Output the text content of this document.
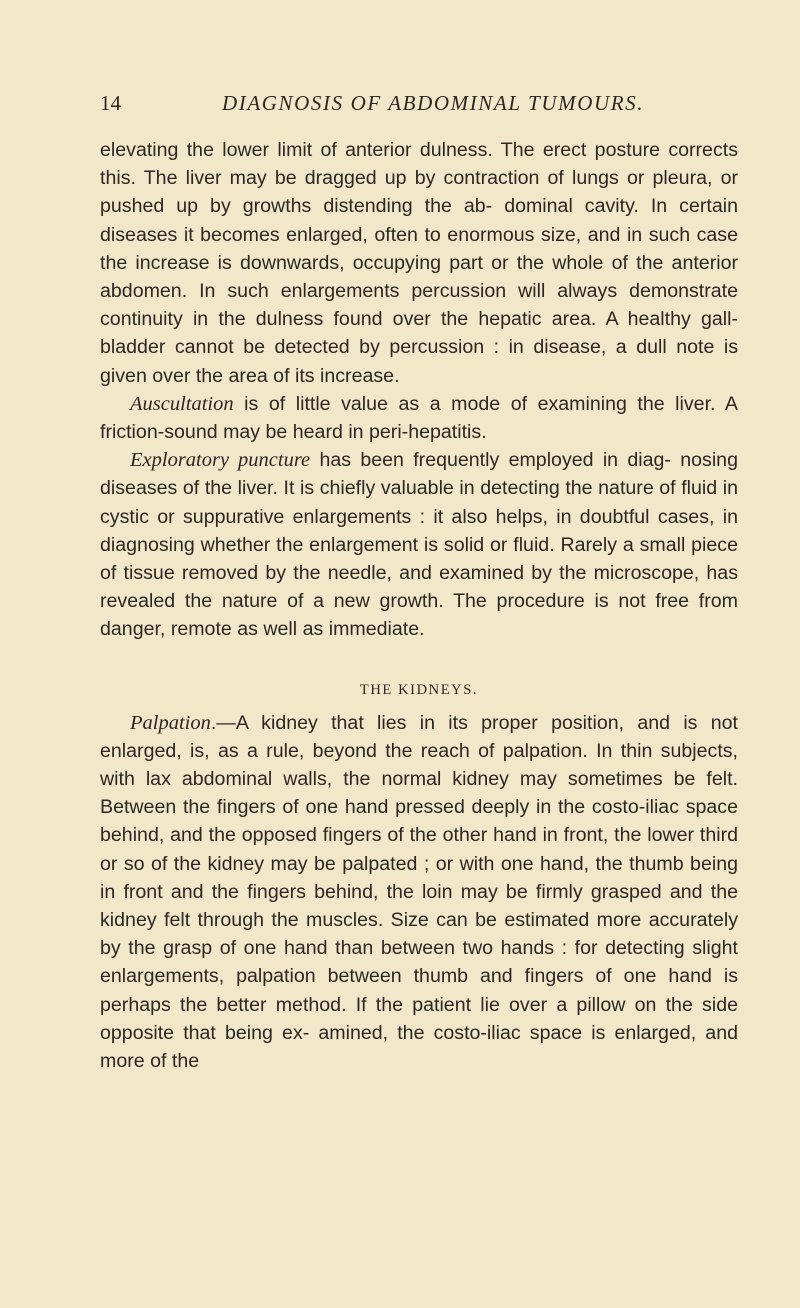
14	DIAGNOSIS OF ABDOMINAL TUMOURS.

elevating the lower limit of anterior dulness. The erect posture corrects this. The liver may be dragged up by contraction of lungs or pleura, or pushed up by growths distending the ab- dominal cavity. In certain diseases it becomes enlarged, often to enormous size, and in such case the increase is downwards, occupying part or the whole of the anterior abdomen. In such enlargements percussion will always demonstrate continuity in the dulness found over the hepatic area. A healthy gall-bladder cannot be detected by percussion : in disease, a dull note is given over the area of its increase.

Auscultation is of little value as a mode of examining the liver. A friction-sound may be heard in peri-hepatitis.

Exploratory puncture has been frequently employed in diag- nosing diseases of the liver. It is chiefly valuable in detecting the nature of fluid in cystic or suppurative enlargements : it also helps, in doubtful cases, in diagnosing whether the enlargement is solid or fluid. Rarely a small piece of tissue removed by the needle, and examined by the microscope, has revealed the nature of a new growth. The procedure is not free from danger, remote as well as immediate.

THE KIDNEYS.

Palpation.—A kidney that lies in its proper position, and is not enlarged, is, as a rule, beyond the reach of palpation. In thin subjects, with lax abdominal walls, the normal kidney may sometimes be felt. Between the fingers of one hand pressed deeply in the costo-iliac space behind, and the opposed fingers of the other hand in front, the lower third or so of the kidney may be palpated ; or with one hand, the thumb being in front and the fingers behind, the loin may be firmly grasped and the kidney felt through the muscles. Size can be estimated more accurately by the grasp of one hand than between two hands : for detecting slight enlargements, palpation between thumb and fingers of one hand is perhaps the better method. If the patient lie over a pillow on the side opposite that being ex- amined, the costo-iliac space is enlarged, and more of the
